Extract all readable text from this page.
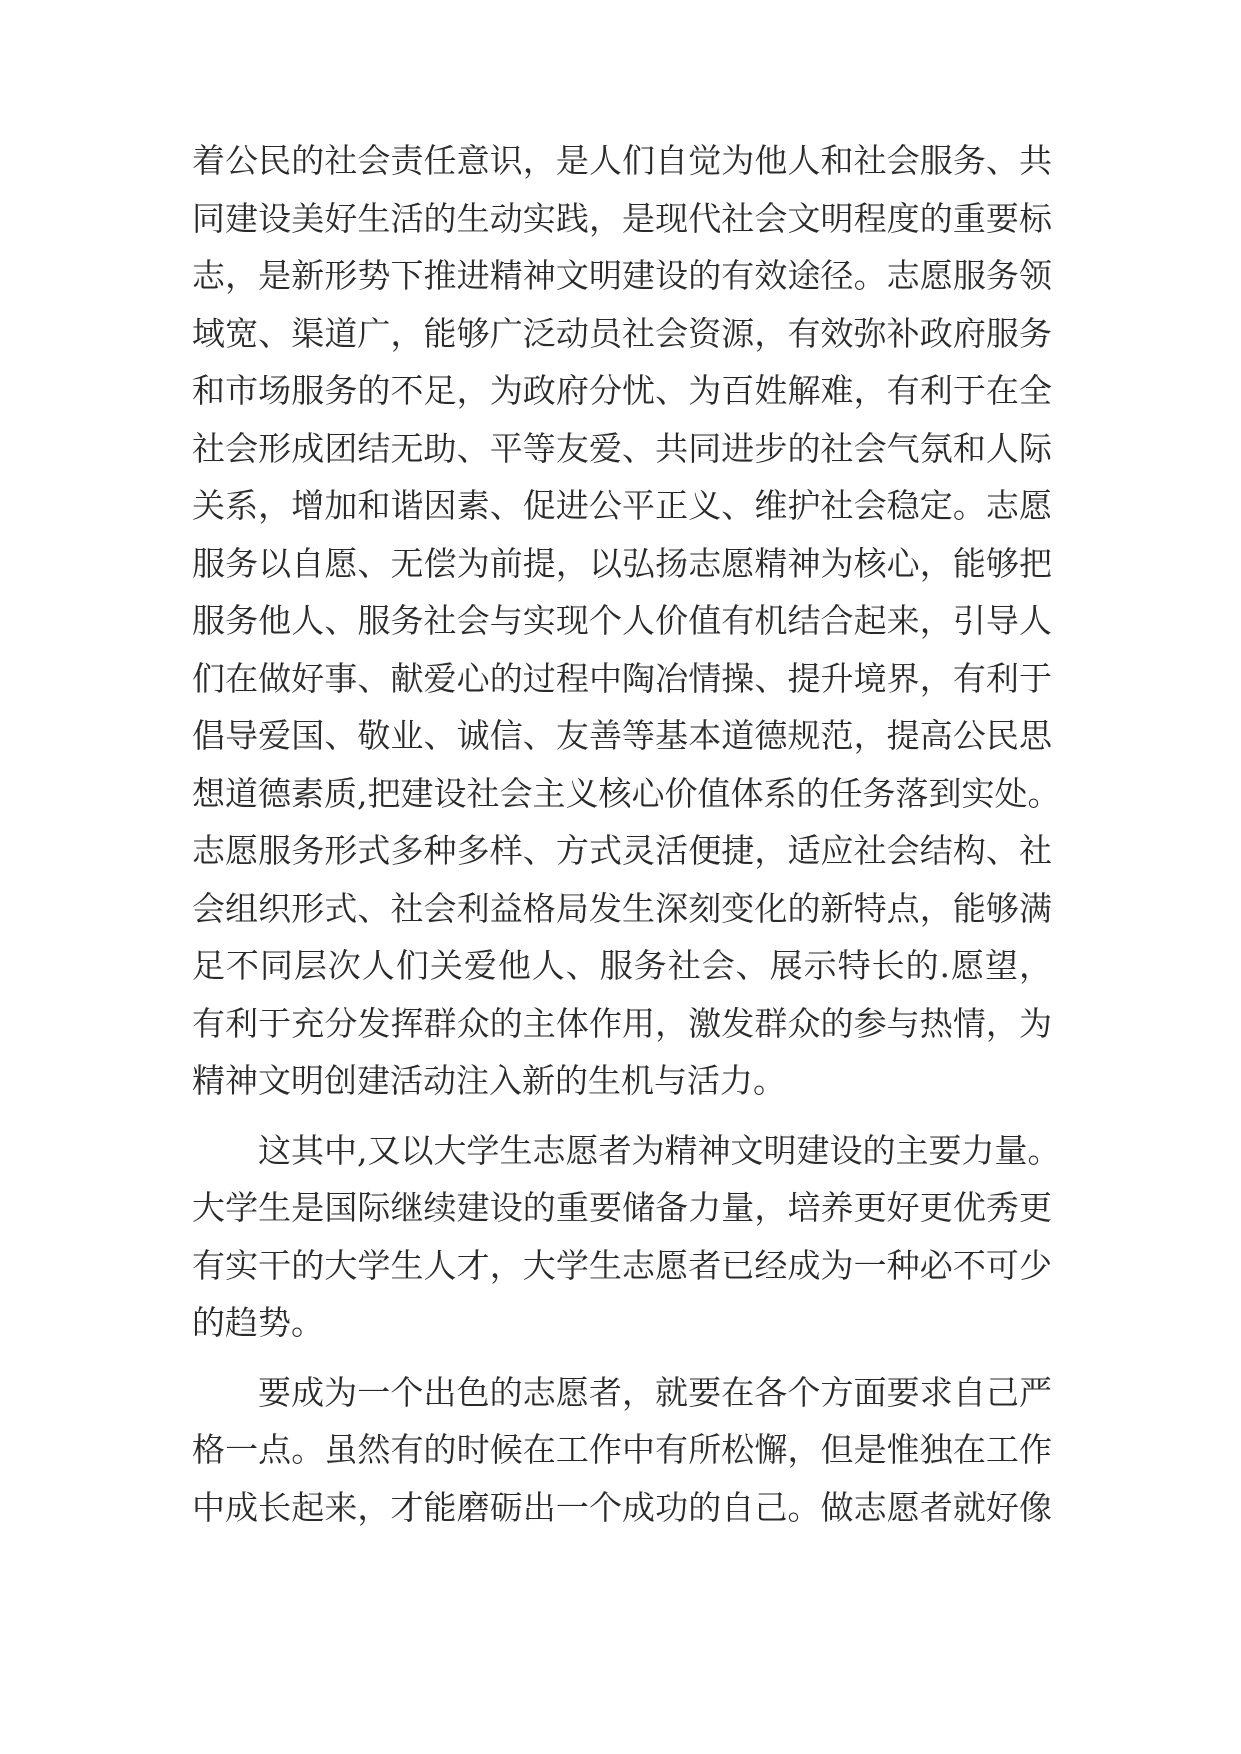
着公民的社会责任意识，是人们自觉为他人和社会服务、共
同建设美好生活的生动实践，是现代社会文明程度的重要标
志，是新形势下推进精神文明建设的有效途径。志愿服务领
域宽、渠道广，能够广泛动员社会资源，有效弥补政府服务
和市场服务的不足，为政府分忧、为百姓解难，有利于在全
社会形成团结无助、平等友爱、共同进步的社会气氛和人际
关系，增加和谐因素、促进公平正义、维护社会稳定。志愿
服务以自愿、无偿为前提，以弘扬志愿精神为核心，能够把
服务他人、服务社会与实现个人价值有机结合起来，引导人
们在做好事、献爱心的过程中陶冶情操、提升境界，有利于
倡导爱国、敬业、诚信、友善等基本道德规范，提高公民思
想道德素质,把建设社会主义核心价值体系的任务落到实处。
志愿服务形式多种多样、方式灵活便捷，适应社会结构、社
会组织形式、社会利益格局发生深刻变化的新特点，能够满
足不同层次人们关爱他人、服务社会、展示特长的.愿望，
有利于充分发挥群众的主体作用，激发群众的参与热情，为
精神文明创建活动注入新的生机与活力。
这其中,又以大学生志愿者为精神文明建设的主要力量。
大学生是国际继续建设的重要储备力量，培养更好更优秀更
有实干的大学生人才，大学生志愿者已经成为一种必不可少
的趋势。
要成为一个出色的志愿者，就要在各个方面要求自己严
格一点。虽然有的时候在工作中有所松懈，但是惟独在工作
中成长起来，才能磨砺出一个成功的自己。做志愿者就好像
